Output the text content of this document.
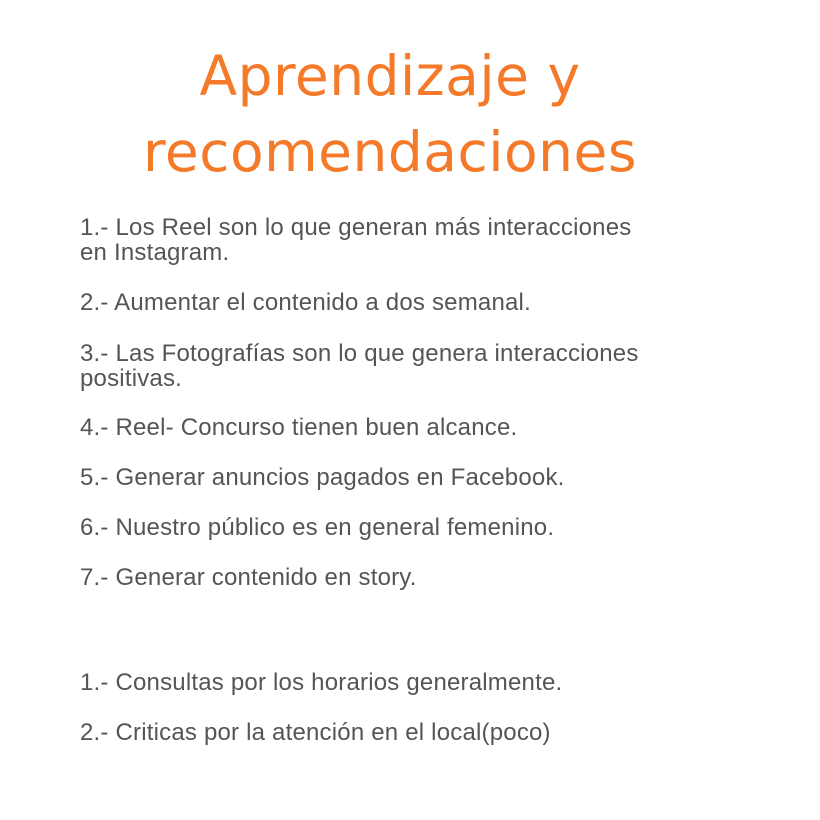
Aprendizaje y
recomendaciones
1.- Los Reel son lo que generan más interacciones
en Instagram.
2.- Aumentar el contenido a dos semanal.
3.- Las Fotografías son lo que genera interacciones
positivas.
4.- Reel- Concurso tienen buen alcance.
5.- Generar anuncios pagados en Facebook.
6.- Nuestro público es en general femenino.
7.- Generar contenido en story.
1.- Consultas por los horarios generalmente.
2.- Criticas por la atención en el local(poco)
